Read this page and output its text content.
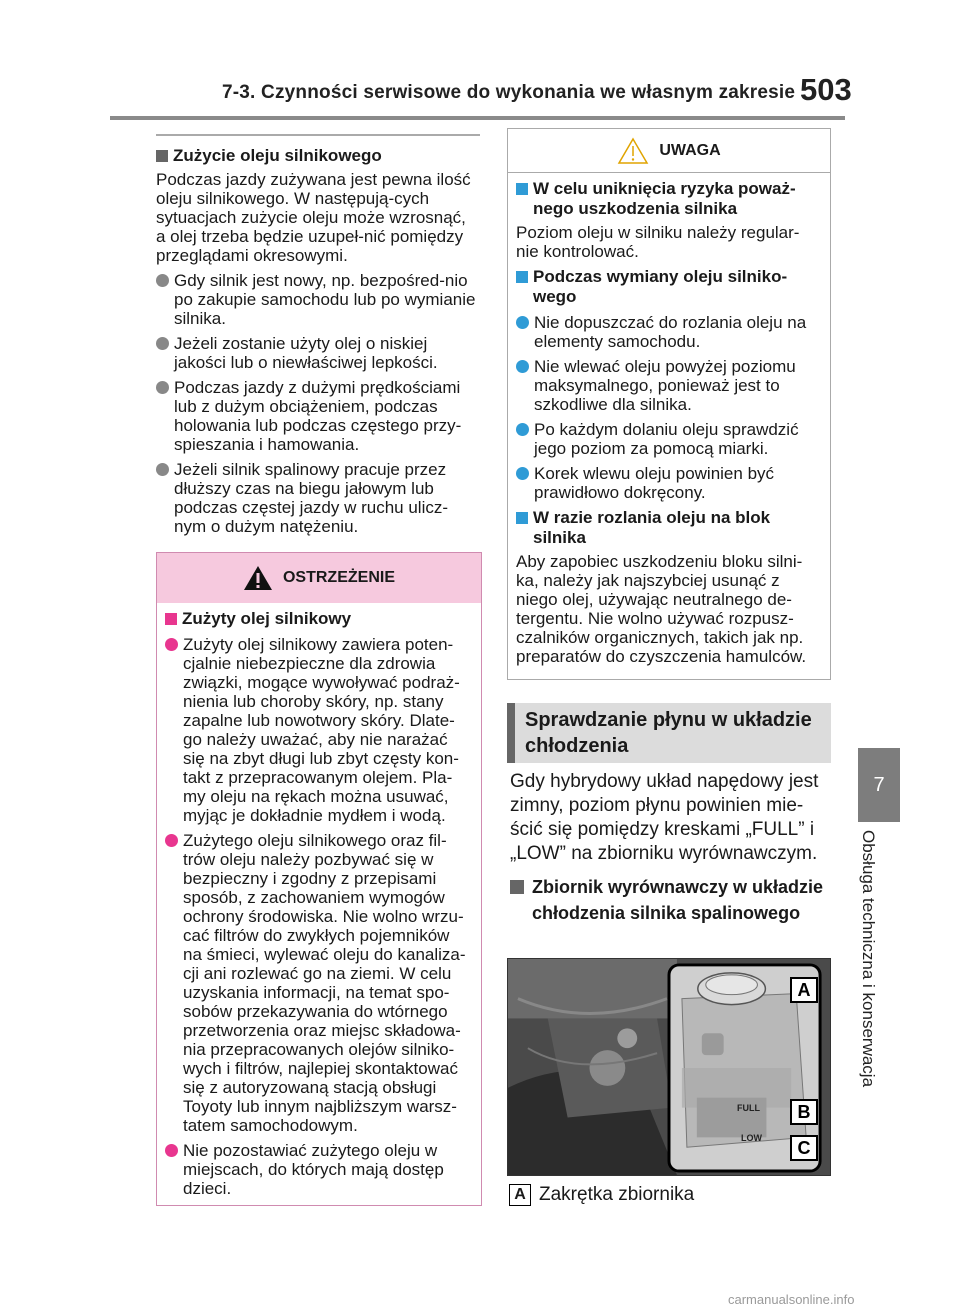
7-3. Czynności serwisowe do wykonania we własnym zakresie 503
7
Obsługa techniczna i konserwacja
Zużycie oleju silnikowego
Podczas jazdy zużywana jest pewna ilość oleju silnikowego. W następują-cych sytuacjach zużycie oleju może wzrosnąć, a olej trzeba będzie uzupeł-nić pomiędzy przeglądami okresowymi.
Gdy silnik jest nowy, np. bezpośred-nio po zakupie samochodu lub po wymianie silnika.
Jeżeli zostanie użyty olej o niskiej jakości lub o niewłaściwej lepkości.
Podczas jazdy z dużymi prędkościami lub z dużym obciążeniem, podczas holowania lub podczas częstego przy-spieszania i hamowania.
Jeżeli silnik spalinowy pracuje przez dłuższy czas na biegu jałowym lub podczas częstej jazdy w ruchu ulicz-nym o dużym natężeniu.
OSTRZEŻENIE
Zużyty olej silnikowy
Zużyty olej silnikowy zawiera poten-cjalnie niebezpieczne dla zdrowia związki, mogące wywoływać podraż-nienia lub choroby skóry, np. stany zapalne lub nowotwory skóry. Dlate-go należy uważać, aby nie narażać się na zbyt długi lub zbyt częsty kon-takt z przepracowanym olejem. Pla-my oleju na rękach można usuwać, myjąc je dokładnie mydłem i wodą.
Zużytego oleju silnikowego oraz fil-trów oleju należy pozbywać się w bezpieczny i zgodny z przepisami sposób, z zachowaniem wymogów ochrony środowiska. Nie wolno wrzu-cać filtrów do zwykłych pojemników na śmieci, wylewać oleju do kanaliza-cji ani rozlewać go na ziemi. W celu uzyskania informacji, na temat spo-sobów przekazywania do wtórnego przetworzenia oraz miejsc składowa-nia przepracowanych olejów silniko-wych i filtrów, najlepiej skontaktować się z autoryzowaną stacją obsługi Toyoty lub innym najbliższym warsz-tatem samochodowym.
Nie pozostawiać zużytego oleju w miejscach, do których mają dostęp dzieci.
UWAGA
W celu uniknięcia ryzyka poważ-nego uszkodzenia silnika
Poziom oleju w silniku należy regular-nie kontrolować.
Podczas wymiany oleju silniko-wego
Nie dopuszczać do rozlania oleju na elementy samochodu.
Nie wlewać oleju powyżej poziomu maksymalnego, ponieważ jest to szkodliwe dla silnika.
Po każdym dolaniu oleju sprawdzić jego poziom za pomocą miarki.
Korek wlewu oleju powinien być prawidłowo dokręcony.
W razie rozlania oleju na blok silnika
Aby zapobiec uszkodzeniu bloku silni-ka, należy jak najszybciej usunąć z niego olej, używając neutralnego de-tergentu. Nie wolno używać rozpusz-czalników organicznych, takich jak np. preparatów do czyszczenia hamulców.
Sprawdzanie płynu w układzie chłodzenia
Gdy hybrydowy układ napędowy jest zimny, poziom płynu powinien mie-ścić się pomiędzy kreskami „FULL” i „LOW” na zbiorniku wyrównawczym.
Zbiornik wyrównawczy w układzie chłodzenia silnika spalinowego
FULL
LOW
A
B
C
A Zakrętka zbiornika
carmanualsonline.info
